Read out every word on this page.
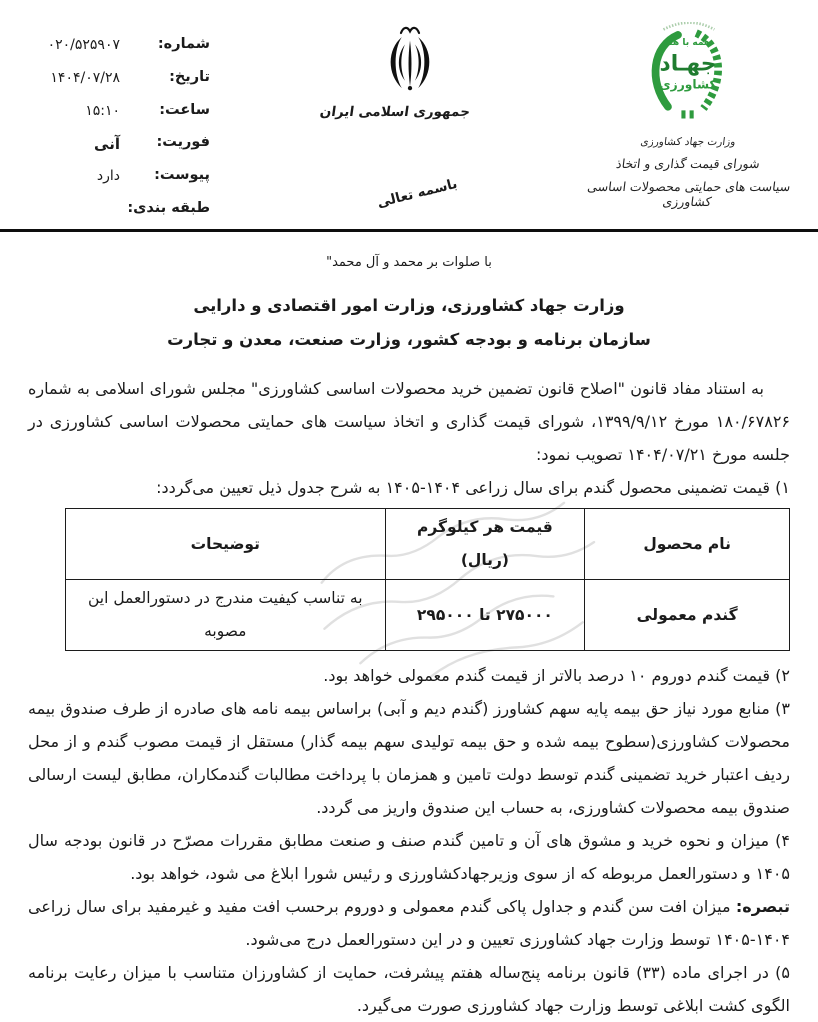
شماره:
۰۲۰/۵۲۵۹۰۷
تاریخ:
۱۴۰۴/۰۷/۲۸
ساعت:
۱۵:۱۰
فوریت:
آنی
پیوست:
دارد
طبقه بندی:
جمهوری اسلامی ایران
باسمه تعالی
همه با هم
جهـاد
کشاورزی
وزارت جهاد کشاورزی
شورای قیمت گذاری و اتخاذ
سیاست های حمایتی محصولات اساسی کشاورزی
با صلوات بر محمد و آل محمد"
وزارت جهاد کشاورزی، وزارت امور اقتصادی و دارایی
سازمان برنامه و بودجه کشور، وزارت صنعت، معدن و تجارت

به استناد مفاد قانون "اصلاح قانون تضمین خرید محصولات اساسی کشاورزی" مجلس شورای اسلامی به شماره ۱۸۰/۶۷۸۲۶ مورخ ۱۳۹۹/۹/۱۲، شورای قیمت گذاری و اتخاذ سیاست های حمایتی محصولات اساسی کشاورزی در جلسه مورخ ۱۴۰۴/۰۷/۲۱ تصویب نمود:

۱) قیمت تضمینی محصول گندم برای سال زراعی ۱۴۰۴-۱۴۰۵ به شرح جدول ذیل تعیین می‌گردد:

نام محصول	قیمت هر کیلوگرم (ریال)	توضیحات
گندم معمولی	۲۷۵۰۰۰ تا ۲۹۵۰۰۰	به تناسب کیفیت مندرج در دستورالعمل این مصوبه

۲) قیمت گندم دوروم ۱۰ درصد بالاتر از قیمت گندم معمولی خواهد بود.

۳) منابع مورد نیاز حق بیمه پایه سهم کشاورز (گندم دیم و آبی) براساس بیمه نامه های صادره از طرف صندوق بیمه محصولات کشاورزی(سطوح بیمه شده و حق بیمه تولیدی سهم بیمه گذار) مستقل از قیمت مصوب گندم و از محل ردیف اعتبار خرید تضمینی گندم توسط دولت تامین و همزمان با پرداخت مطالبات گندمکاران، مطابق لیست ارسالی صندوق بیمه محصولات کشاورزی، به حساب این صندوق واریز می گردد.

۴) میزان و نحوه خرید و مشوق های آن و تامین گندم صنف و صنعت مطابق مقررات مصرّح در قانون بودجه سال ۱۴۰۵ و دستورالعمل مربوطه که از سوی وزیرجهادکشاورزی و رئیس شورا ابلاغ می شود، خواهد بود.

تبصره: میزان افت سن گندم و جداول پاکی گندم معمولی و دوروم برحسب افت مفید و غیرمفید برای سال زراعی ۱۴۰۴-۱۴۰۵ توسط وزارت جهاد کشاورزی تعیین و در این دستورالعمل درج می‌شود.

۵) در اجرای ماده (۳۳) قانون برنامه پنج‌ساله هفتم پیشرفت، حمایت از کشاورزان متناسب با میزان رعایت برنامه الگوی کشت ابلاغی توسط وزارت جهاد کشاورزی صورت می‌گیرد.
